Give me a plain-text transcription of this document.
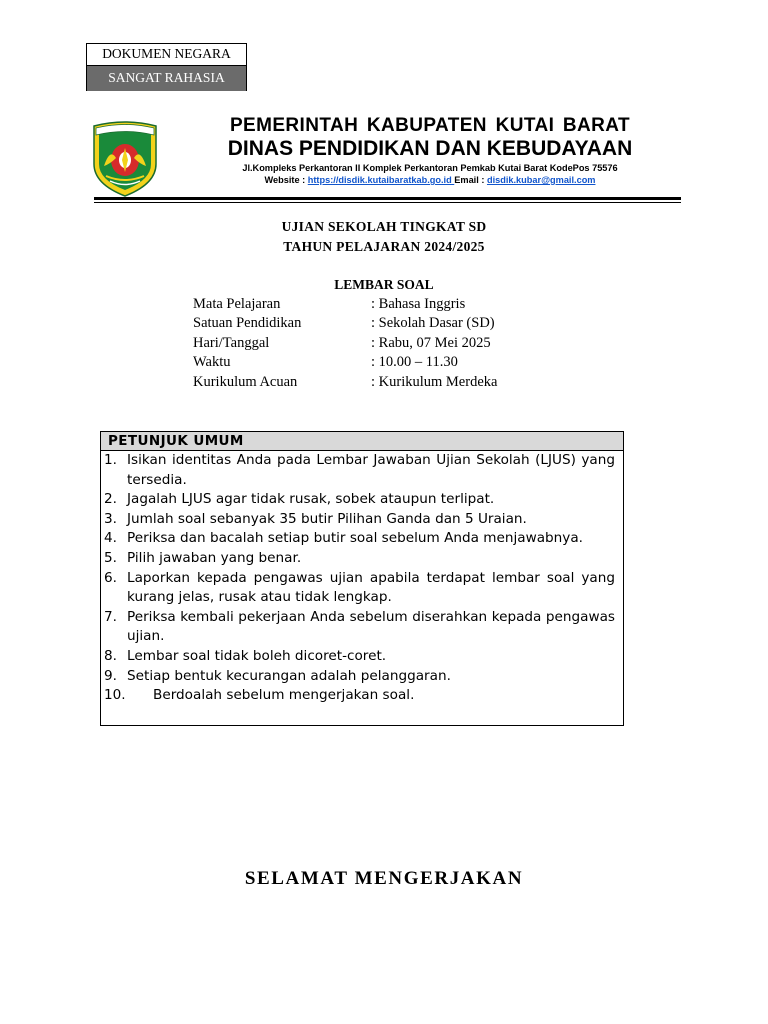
DOKUMEN NEGARA
SANGAT RAHASIA
PEMERINTAH KABUPATEN KUTAI BARAT
DINAS PENDIDIKAN DAN KEBUDAYAAN
Jl.Kompleks Perkantoran II Komplek Perkantoran Pemkab Kutai Barat KodePos 75576
Website : https://disdik.kutaibaratkab.go.id Email : disdik.kubar@gmail.com
UJIAN SEKOLAH TINGKAT SD
TAHUN PELAJARAN 2024/2025
LEMBAR SOAL
Mata Pelajaran	: Bahasa Inggris
Satuan Pendidikan	: Sekolah Dasar (SD)
Hari/Tanggal	: Rabu, 07 Mei 2025
Waktu	: 10.00 – 11.30
Kurikulum Acuan	: Kurikulum Merdeka
PETUNJUK UMUM
1. Isikan identitas Anda pada Lembar Jawaban Ujian Sekolah (LJUS) yang tersedia.
2. Jagalah LJUS agar tidak rusak, sobek ataupun terlipat.
3. Jumlah soal sebanyak 35 butir Pilihan Ganda dan 5 Uraian.
4. Periksa dan bacalah setiap butir soal sebelum Anda menjawabnya.
5. Pilih jawaban yang benar.
6. Laporkan kepada pengawas ujian apabila terdapat lembar soal yang kurang jelas, rusak atau tidak lengkap.
7. Periksa kembali pekerjaan Anda sebelum diserahkan kepada pengawas ujian.
8. Lembar soal tidak boleh dicoret-coret.
9. Setiap bentuk kecurangan adalah pelanggaran.
10. Berdoalah sebelum mengerjakan soal.
SELAMAT MENGERJAKAN
